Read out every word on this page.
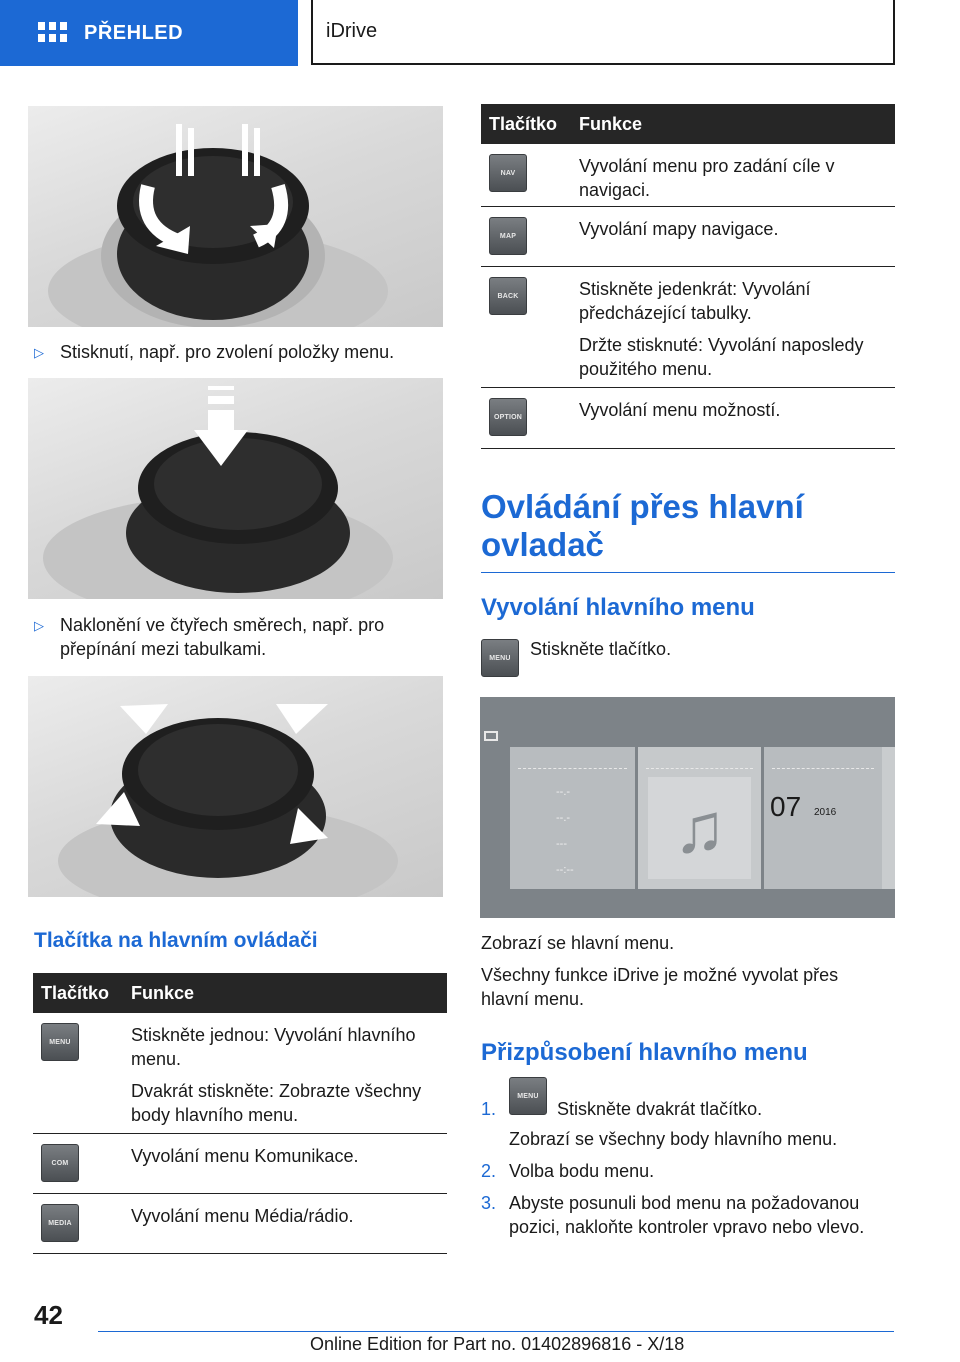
PŘEHLED	iDrive
▷ Stisknutí, např. pro zvolení položky menu.
▷ Naklonění ve čtyřech směrech, např. pro přepínání mezi tabulkami.
Tlačítka na hlavním ovládači
Tlačítko	Funkce
MENU	Stiskněte jednou: Vyvolání hlavního menu.

Dvakrát stiskněte: Zobrazte všechny body hlavního menu.

COM	Vyvolání menu Komunikace.

MEDIA	Vyvolání menu Média/rádio.

Tlačítko	Funkce
NAV	Vyvolání menu pro zadání cíle v navigaci.

MAP	Vyvolání mapy navigace.

BACK	Stiskněte jedenkrát: Vyvolání předcházející tabulky.

Držte stisknuté: Vyvolání naposledy použitého menu.

OPTION	Vyvolání menu možností.

Ovládání přes hlavní ovladač
Vyvolání hlavního menu
MENU	Stiskněte tlačítko.
--.-
--.-
---
--:--
♫	07 2016
Zobrazí se hlavní menu.
Všechny funkce iDrive je možné vyvolat přes hlavní menu.
Přizpůsobení hlavního menu
1.
MENU
Stiskněte dvakrát tlačítko.
Zobrazí se všechny body hlavního menu.
2. Volba bodu menu.
3. Abyste posunuli bod menu na požadovanou pozici, nakloňte kontroler vpravo nebo vlevo.
42
Online Edition for Part no. 01402896816 - X/18
